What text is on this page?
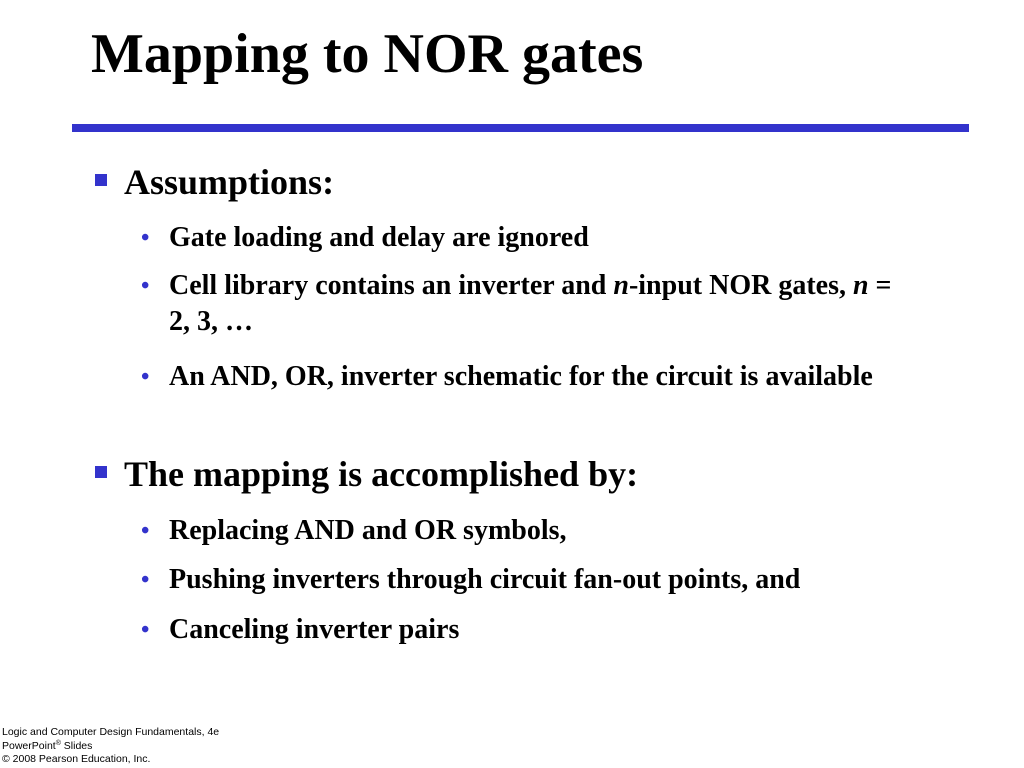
Mapping to NOR gates
Assumptions:
• Gate loading and delay are ignored
• Cell library contains an inverter and n-input NOR gates, n = 2, 3, …
• An AND, OR, inverter schematic for the circuit is available
The mapping is accomplished by:
• Replacing AND and OR symbols,
• Pushing inverters through circuit fan-out points, and
• Canceling inverter pairs
Logic and Computer Design Fundamentals, 4e
PowerPoint® Slides
© 2008 Pearson Education, Inc.
